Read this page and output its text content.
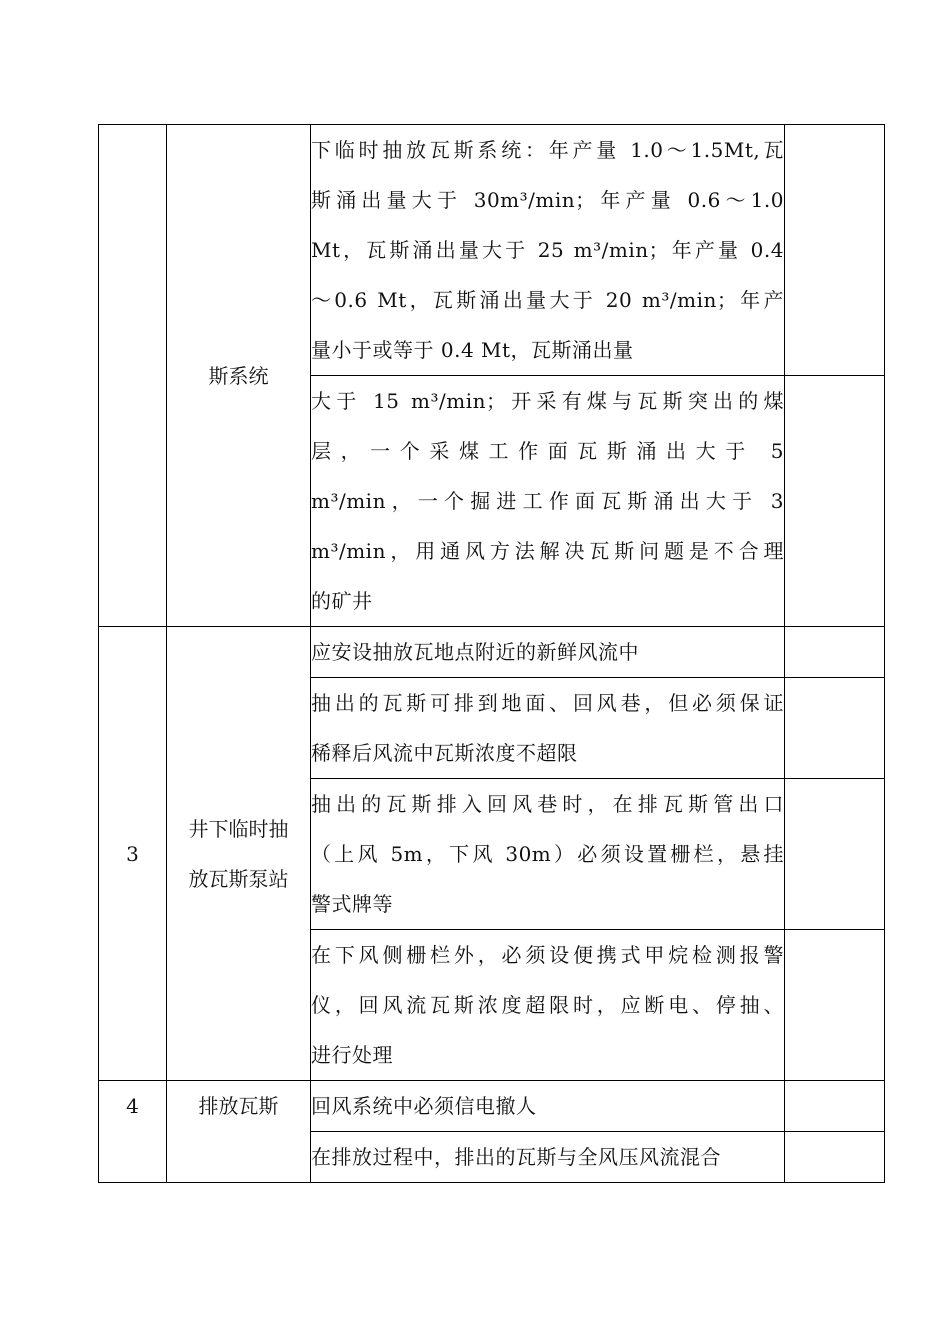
	斯系统	下临时抽放瓦斯系统：年产量 1.0～1.5Mt,瓦
斯涌出量大于 30m³/min；年产量 0.6～1.0
Mt，瓦斯涌出量大于 25 m³/min；年产量 0.4
～0.6 Mt，瓦斯涌出量大于 20 m³/min；年产
量小于或等于 0.4 Mt，瓦斯涌出量	

		大于 15 m³/min；开采有煤与瓦斯突出的煤
层，一个采煤工作面瓦斯涌出大于 5
m³/min，一个掘进工作面瓦斯涌出大于 3
m³/min，用通风方法解决瓦斯问题是不合理
的矿井	

3	井下临时抽
放瓦斯泵站	应安设抽放瓦地点附近的新鲜风流中	

		抽出的瓦斯可排到地面、回风巷，但必须保证
稀释后风流中瓦斯浓度不超限	

		抽出的瓦斯排入回风巷时，在排瓦斯管出口
（上风 5m，下风 30m）必须设置栅栏，悬挂
警式牌等	

		在下风侧栅栏外，必须设便携式甲烷检测报警
仪，回风流瓦斯浓度超限时，应断电、停抽、
进行处理	

4	排放瓦斯	回风系统中必须信电撤人	

		在排放过程中，排出的瓦斯与全风压风流混合	
